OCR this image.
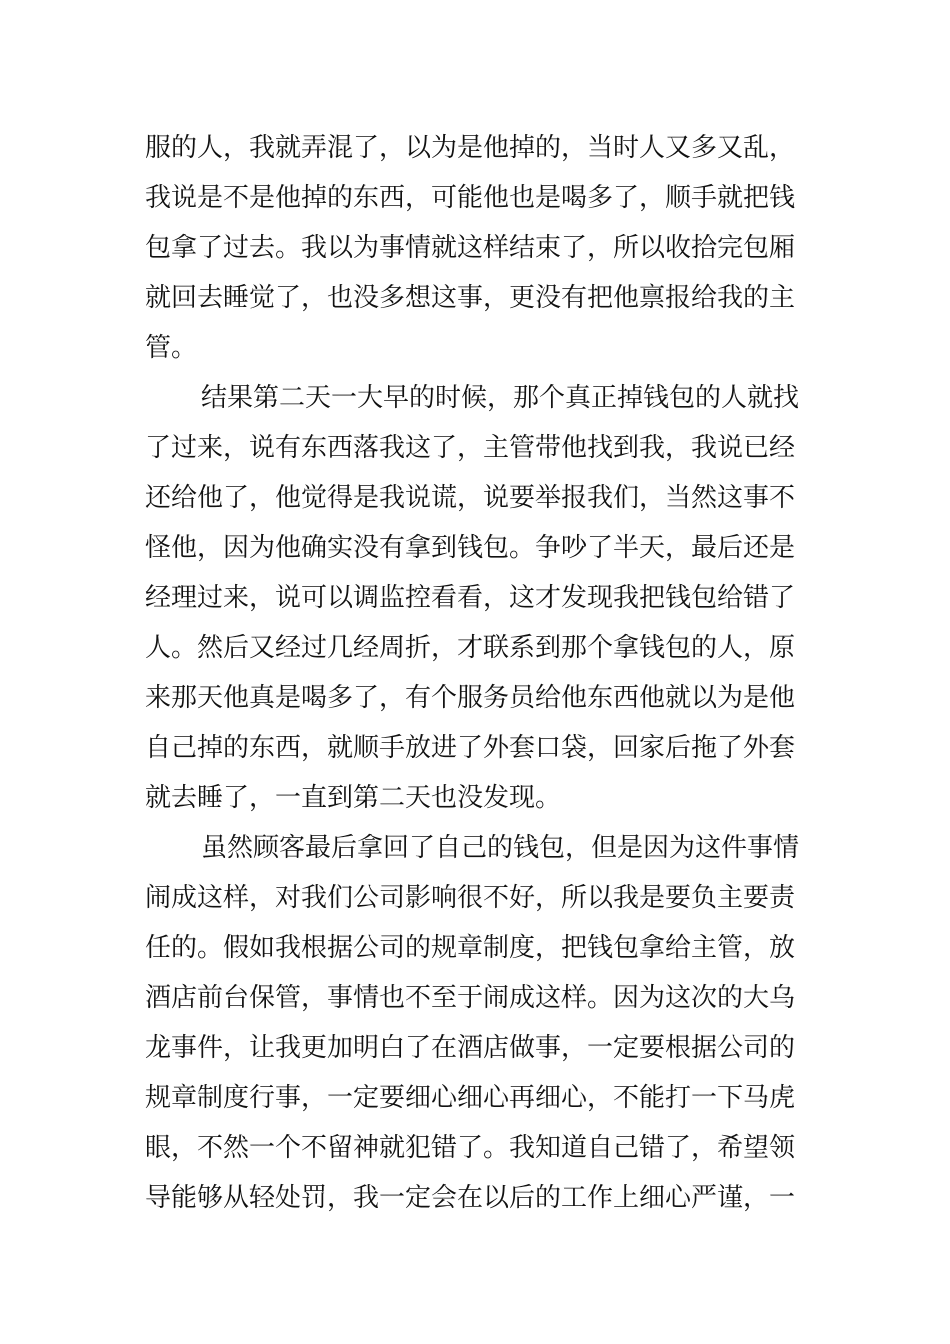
服的人，我就弄混了，以为是他掉的，当时人又多又乱，
我说是不是他掉的东西，可能他也是喝多了，顺手就把钱
包拿了过去。我以为事情就这样结束了，所以收拾完包厢
就回去睡觉了，也没多想这事，更没有把他禀报给我的主
管。
结果第二天一大早的时候，那个真正掉钱包的人就找
了过来，说有东西落我这了，主管带他找到我，我说已经
还给他了，他觉得是我说谎，说要举报我们，当然这事不
怪他，因为他确实没有拿到钱包。争吵了半天，最后还是
经理过来，说可以调监控看看，这才发现我把钱包给错了
人。然后又经过几经周折，才联系到那个拿钱包的人，原
来那天他真是喝多了，有个服务员给他东西他就以为是他
自己掉的东西，就顺手放进了外套口袋，回家后拖了外套
就去睡了，一直到第二天也没发现。
虽然顾客最后拿回了自己的钱包，但是因为这件事情
闹成这样，对我们公司影响很不好，所以我是要负主要责
任的。假如我根据公司的规章制度，把钱包拿给主管，放
酒店前台保管，事情也不至于闹成这样。因为这次的大乌
龙事件，让我更加明白了在酒店做事，一定要根据公司的
规章制度行事，一定要细心细心再细心，不能打一下马虎
眼，不然一个不留神就犯错了。我知道自己错了，希望领
导能够从轻处罚，我一定会在以后的工作上细心严谨，一
